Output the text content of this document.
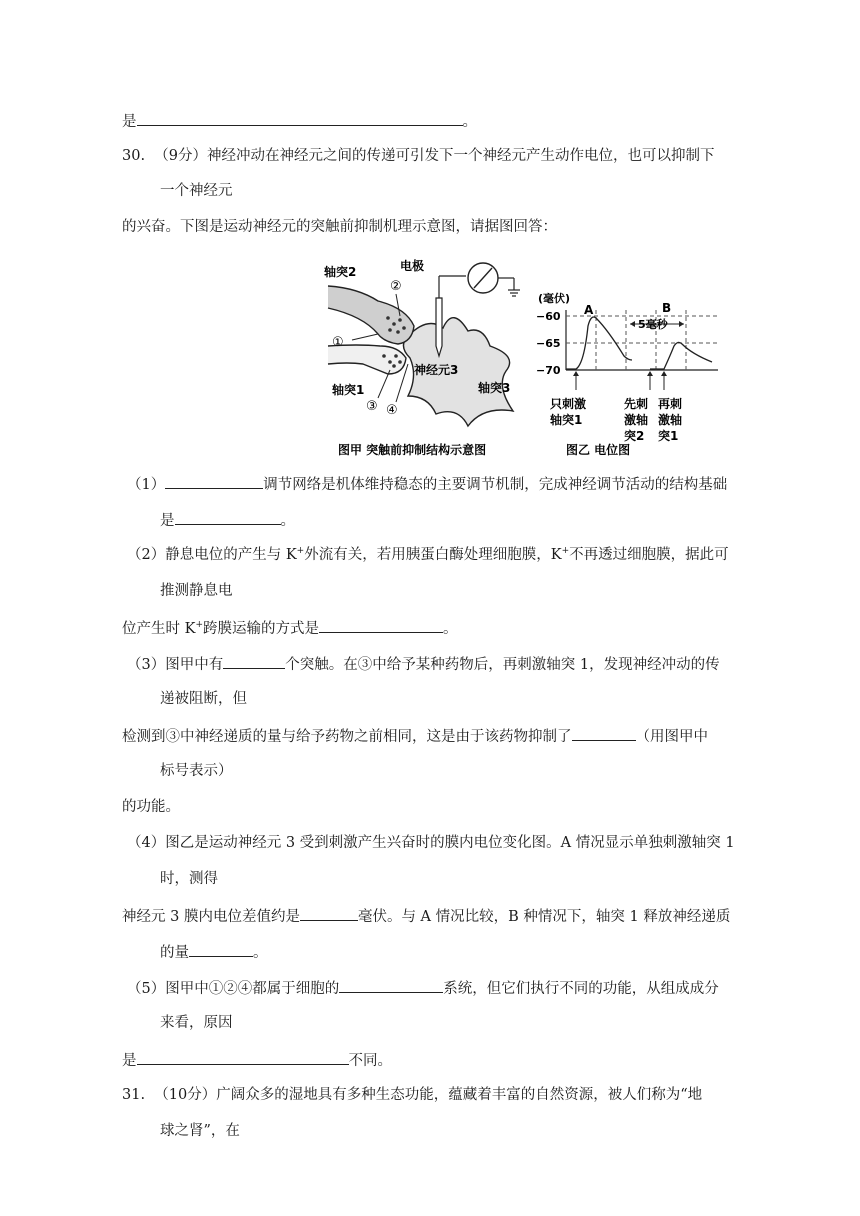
是	。
30.  （9分）神经冲动在神经元之间的传递可引发下一个神经元产生动作电位，也可以抑制下
一个神经元
的兴奋。下图是运动神经元的突触前抑制机理示意图，请据图回答：
轴突2	电极
②
①
轴突1
神经元3
轴突3
③ ④
图甲 突触前抑制结构示意图
(毫伏)
A	B
5毫秒
−60
−65
−70
只刺激
轴突1
先刺
激轴
突2
再刺
激轴
突1
图乙 电位图
（1）	调节网络是机体维持稳态的主要调节机制，完成神经调节活动的结构基础
是	。
（2）静息电位的产生与 K+外流有关，若用胰蛋白酶处理细胞膜，K+不再透过细胞膜，据此可
推测静息电
位产生时 K+跨膜运输的方式是	。
（3）图甲中有	个突触。在③中给予某种药物后，再刺激轴突 1，发现神经冲动的传
递被阻断，但
检测到③中神经递质的量与给予药物之前相同，这是由于该药物抑制了	（用图甲中
标号表示）
的功能。
（4）图乙是运动神经元 3 受到刺激产生兴奋时的膜内电位变化图。A 情况显示单独刺激轴突 1
时，测得
神经元 3 膜内电位差值约是	毫伏。与 A 情况比较，B 种情况下，轴突 1 释放神经递质
的量	。
（5）图甲中①②④都属于细胞的	系统，但它们执行不同的功能，从组成成分
来看，原因
是	不同。
31.  （10分）广阔众多的湿地具有多种生态功能，蕴藏着丰富的自然资源，被人们称为“地
球之肾”，在
